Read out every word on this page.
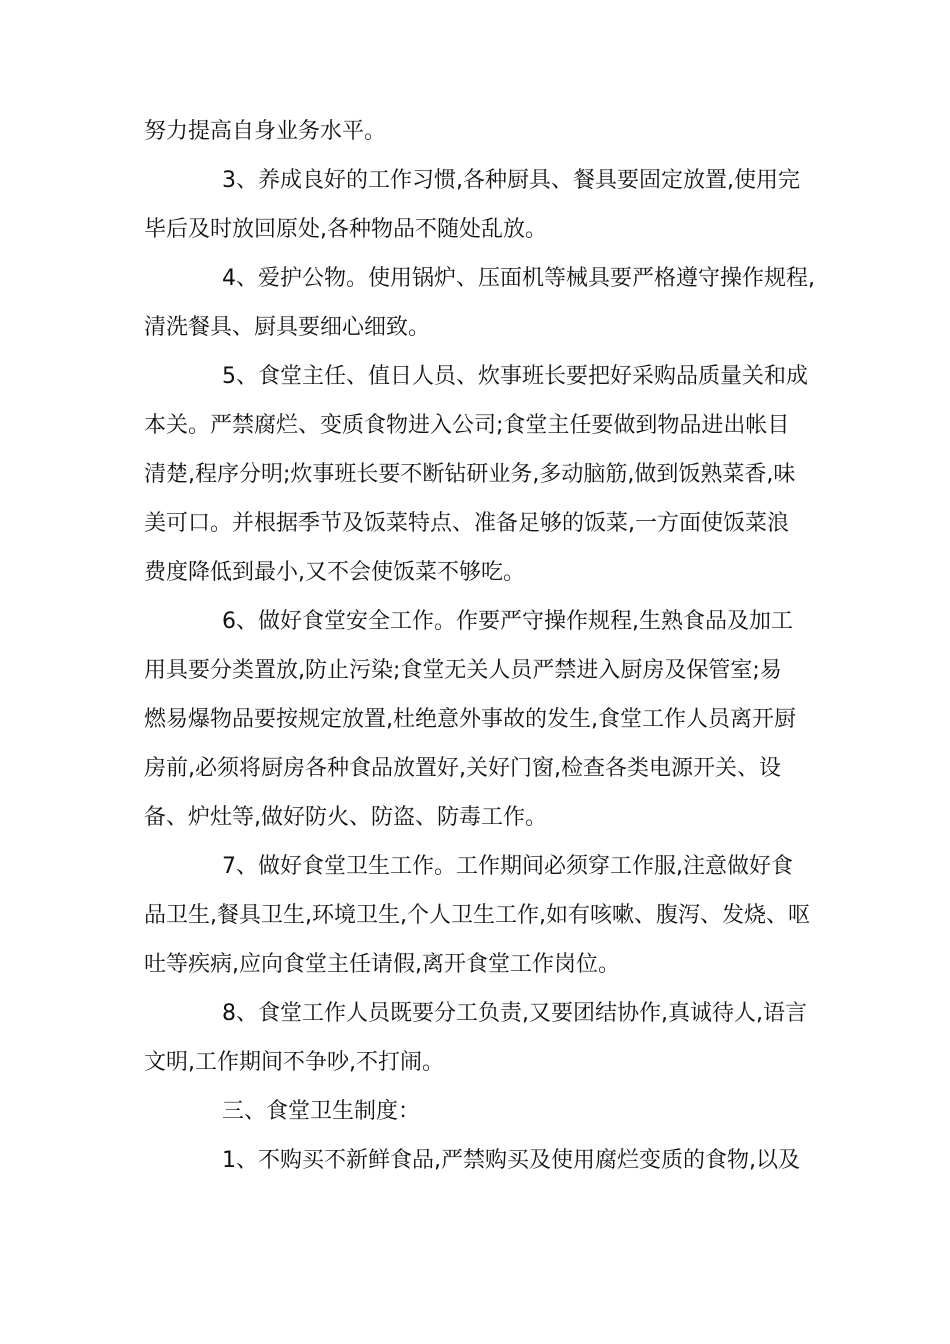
努力提高自身业务水平。

3、养成良好的工作习惯,各种厨具、餐具要固定放置,使用完

毕后及时放回原处,各种物品不随处乱放。

4、爱护公物。使用锅炉、压面机等械具要严格遵守操作规程,

清洗餐具、厨具要细心细致。

5、食堂主任、值日人员、炊事班长要把好采购品质量关和成

本关。严禁腐烂、变质食物进入公司;食堂主任要做到物品进出帐目

清楚,程序分明;炊事班长要不断钻研业务,多动脑筋,做到饭熟菜香,味

美可口。并根据季节及饭菜特点、准备足够的饭菜,一方面使饭菜浪

费度降低到最小,又不会使饭菜不够吃。

6、做好食堂安全工作。作要严守操作规程,生熟食品及加工

用具要分类置放,防止污染;食堂无关人员严禁进入厨房及保管室;易

燃易爆物品要按规定放置,杜绝意外事故的发生,食堂工作人员离开厨

房前,必须将厨房各种食品放置好,关好门窗,检查各类电源开关、设

备、炉灶等,做好防火、防盗、防毒工作。

7、做好食堂卫生工作。工作期间必须穿工作服,注意做好食

品卫生,餐具卫生,环境卫生,个人卫生工作,如有咳嗽、腹泻、发烧、呕

吐等疾病,应向食堂主任请假,离开食堂工作岗位。

8、食堂工作人员既要分工负责,又要团结协作,真诚待人,语言

文明,工作期间不争吵,不打闹。

三、食堂卫生制度：

1、不购买不新鲜食品,严禁购买及使用腐烂变质的食物,以及
